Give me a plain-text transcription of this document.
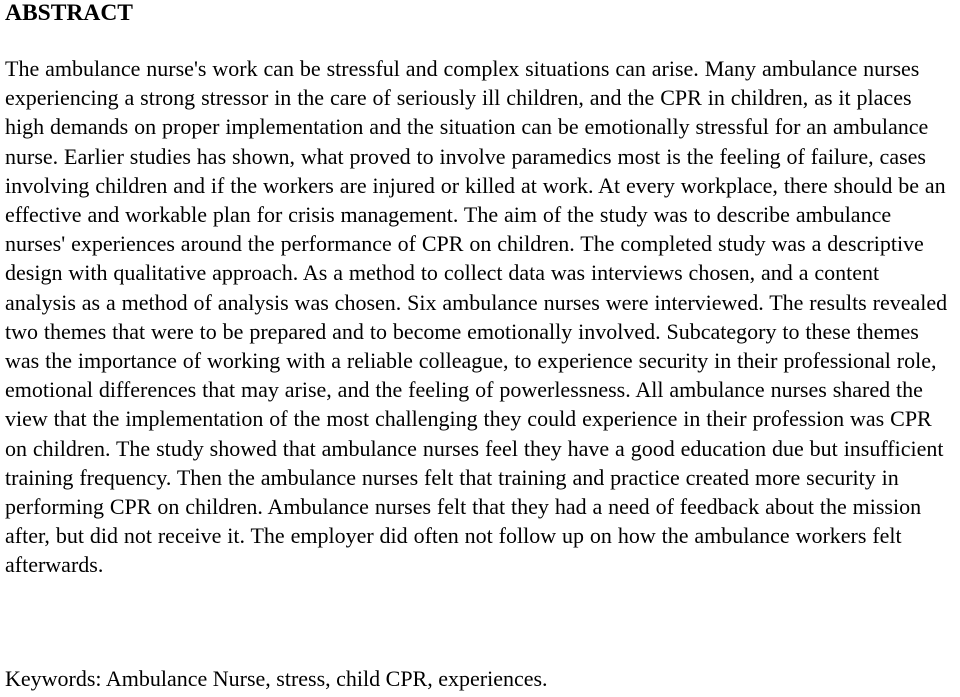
ABSTRACT

The ambulance nurse's work can be stressful and complex situations can arise. Many ambulance nurses experiencing a strong stressor in the care of seriously ill children, and the CPR in children, as it places high demands on proper implementation and the situation can be emotionally stressful for an ambulance nurse. Earlier studies has shown, what proved to involve paramedics most is the feeling of failure, cases involving children and if the workers are injured or killed at work. At every workplace, there should be an effective and workable plan for crisis management. The aim of the study was to describe ambulance nurses' experiences around the performance of CPR on children. The completed study was a descriptive design with qualitative approach. As a method to collect data was interviews chosen, and a content analysis as a method of analysis was chosen. Six ambulance nurses were interviewed. The results revealed two themes that were to be prepared and to become emotionally involved. Subcategory to these themes was the importance of working with a reliable colleague, to experience security in their professional role, emotional differences that may arise, and the feeling of powerlessness. All ambulance nurses shared the view that the implementation of the most challenging they could experience in their profession was CPR on children. The study showed that ambulance nurses feel they have a good education due but insufficient training frequency. Then the ambulance nurses felt that training and practice created more security in performing CPR on children. Ambulance nurses felt that they had a need of feedback about the mission after, but did not receive it. The employer did often not follow up on how the ambulance workers felt afterwards.

Keywords: Ambulance Nurse, stress, child CPR, experiences.
